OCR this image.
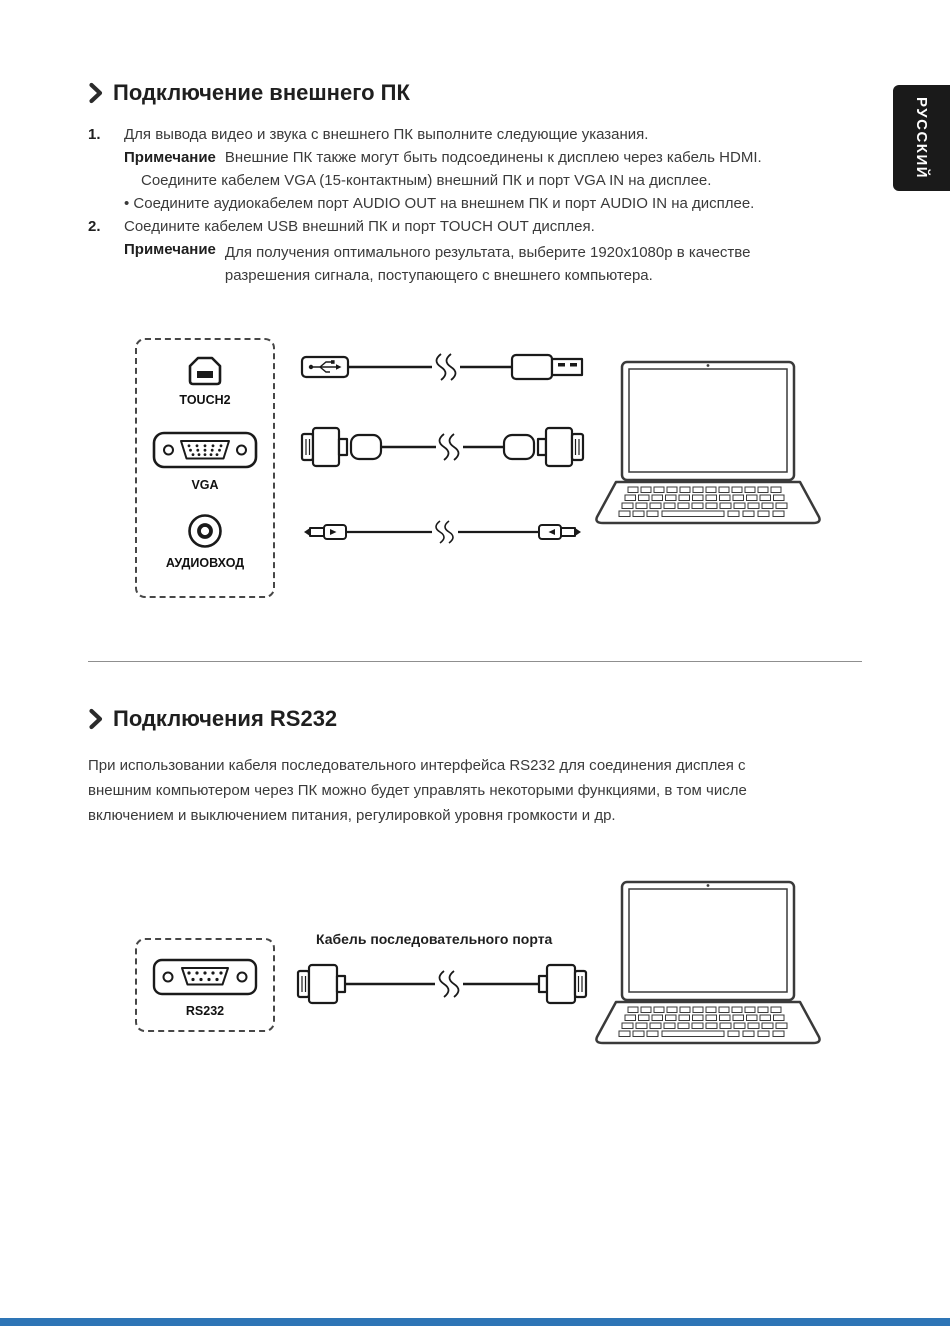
РУССКИЙ
Подключение внешнего ПК
1. Для вывода видео и звука с внешнего ПК выполните следующие указания.
Примечание Внешние ПК также могут быть подсоединены к дисплею через кабель HDMI.
Соедините кабелем VGA (15-контактным) внешний ПК и порт VGA IN на дисплее.
• Соедините аудиокабелем порт AUDIO OUT на внешнем ПК и порт AUDIO IN на дисплее.
2. Соедините кабелем USB внешний ПК и порт TOUCH OUT дисплея.
Примечание Для получения оптимального результата, выберите 1920x1080p в качестве
разрешения сигнала, поступающего с внешнего компьютера.
TOUCH2
VGA
АУДИОВХОД
Подключения RS232
При использовании кабеля последовательного интерфейса RS232 для соединения дисплея с
внешним компьютером через ПК можно будет управлять некоторыми функциями, в том числе
включением и выключением питания, регулировкой уровня громкости и др.
Кабель последовательного порта
RS232
